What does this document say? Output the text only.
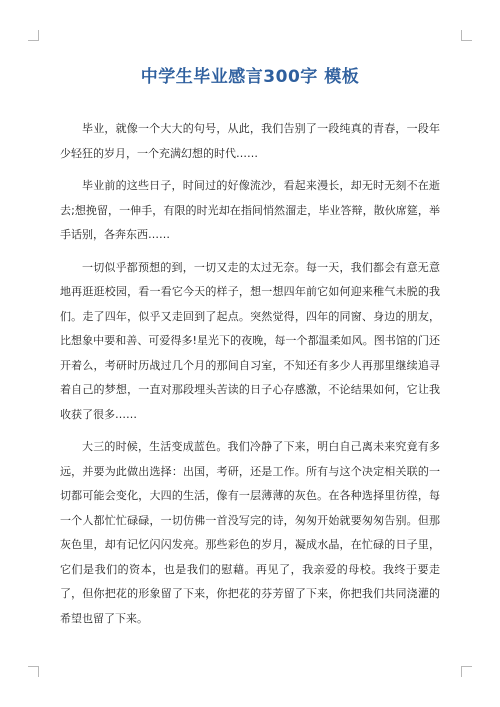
中学生毕业感言300字 模板

毕业，就像一个大大的句号，从此，我们告别了一段纯真的青春，一段年少轻狂的岁月，一个充满幻想的时代……

毕业前的这些日子，时间过的好像流沙，看起来漫长，却无时无刻不在逝去;想挽留，一伸手，有限的时光却在指间悄然溜走，毕业答辩，散伙席筵，举手话别，各奔东西……

一切似乎都预想的到，一切又走的太过无奈。每一天，我们都会有意无意地再逛逛校园，看一看它今天的样子，想一想四年前它如何迎来稚气未脱的我们。走了四年，似乎又走回到了起点。突然觉得，四年的同窗、身边的朋友，比想象中要和善、可爱得多!星光下的夜晚，每一个都温柔如风。图书馆的门还开着么，考研时历战过几个月的那间自习室，不知还有多少人再那里继续追寻着自己的梦想，一直对那段埋头苦读的日子心存感激，不论结果如何，它让我收获了很多……

大三的时候，生活变成蓝色。我们冷静了下来，明白自己离未来究竟有多远，并要为此做出选择：出国，考研，还是工作。所有与这个决定相关联的一切都可能会变化，大四的生活，像有一层薄薄的灰色。在各种选择里彷徨，每一个人都忙忙碌碌，一切仿佛一首没写完的诗，匆匆开始就要匆匆告别。但那灰色里，却有记忆闪闪发亮。那些彩色的岁月，凝成水晶，在忙碌的日子里，它们是我们的资本，也是我们的慰藉。再见了，我亲爱的母校。我终于要走了，但你把花的形象留了下来，你把花的芬芳留了下来，你把我们共同浇灌的希望也留了下来。
